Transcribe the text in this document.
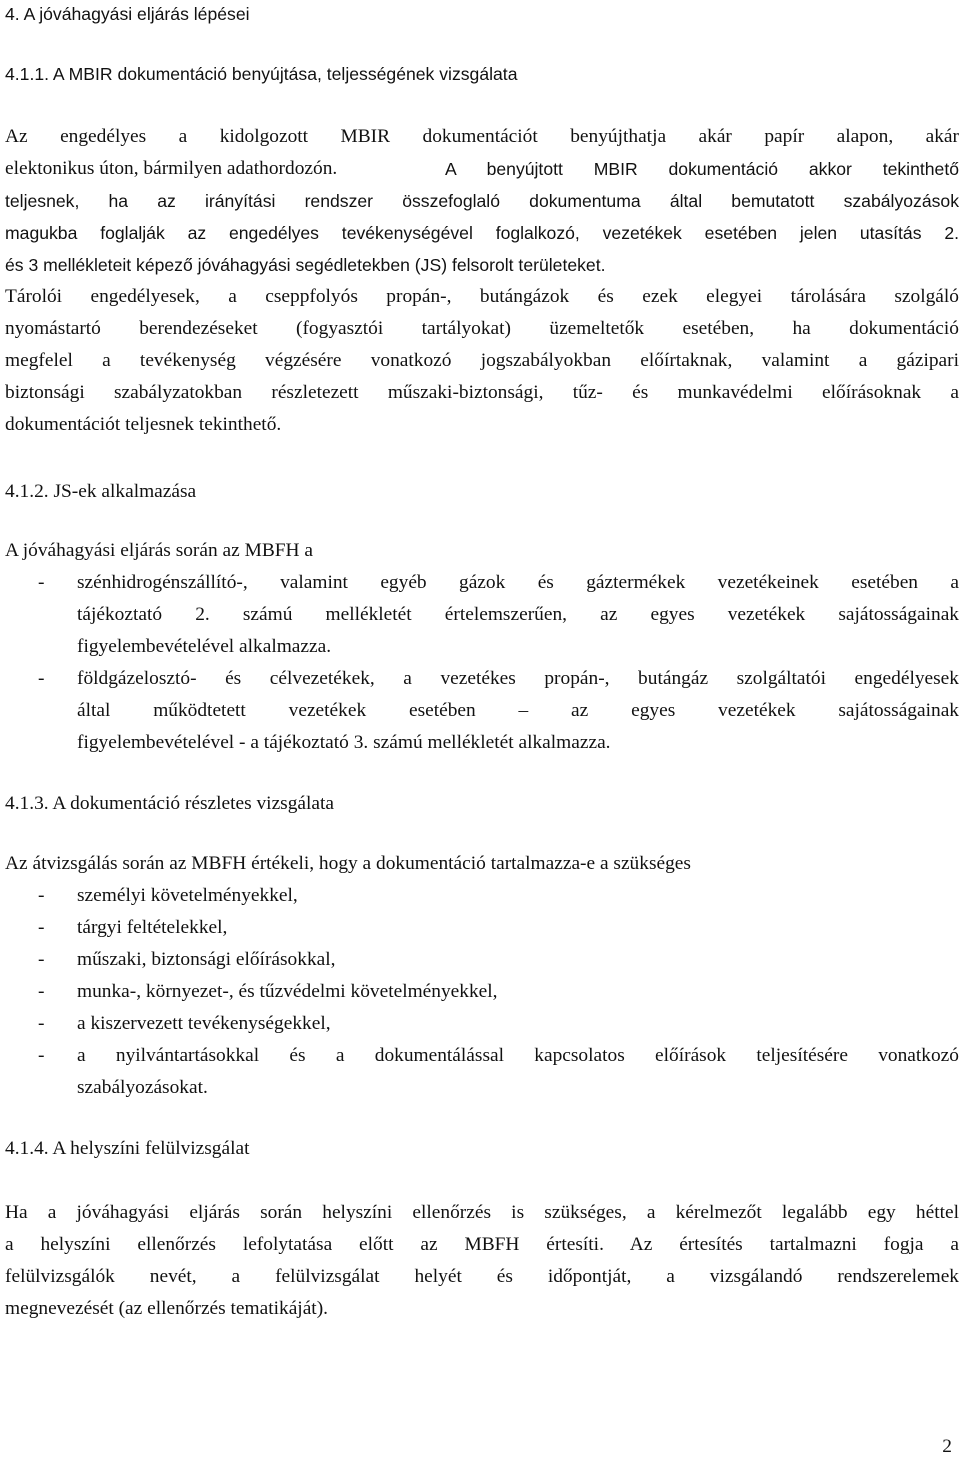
4. A jóváhagyási eljárás lépései
4.1.1. A MBIR dokumentáció benyújtása, teljességének vizsgálata
Az engedélyes a kidolgozott MBIR dokumentációt benyújthatja akár papír alapon, akár
elektonikus úton, bármilyen adathordozón.	A benyújtott MBIR dokumentáció akkor tekinthető
teljesnek, ha az irányítási rendszer összefoglaló dokumentuma által bemutatott szabályozások
magukba foglalják az engedélyes tevékenységével foglalkozó, vezetékek esetében jelen utasítás 2.
és 3 mellékleteit képező jóváhagyási segédletekben (JS) felsorolt területeket.
Tárolói engedélyesek, a cseppfolyós propán-, butángázok és ezek elegyei tárolására szolgáló
nyomástartó berendezéseket (fogyasztói tartályokat) üzemeltetők esetében, ha dokumentáció
megfelel a tevékenység végzésére vonatkozó jogszabályokban előírtaknak, valamint a gázipari
biztonsági szabályzatokban részletezett műszaki-biztonsági, tűz- és munkavédelmi előírásoknak a
dokumentációt teljesnek tekinthető.
4.1.2. JS-ek alkalmazása
A jóváhagyási eljárás során az MBFH a
- szénhidrogénszállító-, valamint egyéb gázok és gáztermékek vezetékeinek esetében a
tájékoztató 2. számú mellékletét értelemszerűen, az egyes vezetékek sajátosságainak
figyelembevételével alkalmazza.
- földgázelosztó- és célvezetékek, a vezetékes propán-, butángáz szolgáltatói engedélyesek
által működtetett vezetékek esetében – az egyes vezetékek sajátosságainak
figyelembevételével - a tájékoztató 3. számú mellékletét alkalmazza.
4.1.3. A dokumentáció részletes vizsgálata
Az átvizsgálás során az MBFH értékeli, hogy a dokumentáció tartalmazza-e a szükséges
- személyi követelményekkel,
- tárgyi feltételekkel,
- műszaki, biztonsági előírásokkal,
- munka-, környezet-, és tűzvédelmi követelményekkel,
- a kiszervezett tevékenységekkel,
- a nyilvántartásokkal és a dokumentálással kapcsolatos előírások teljesítésére vonatkozó
szabályozásokat.
4.1.4. A helyszíni felülvizsgálat
Ha a jóváhagyási eljárás során helyszíni ellenőrzés is szükséges, a kérelmezőt legalább egy héttel
a helyszíni ellenőrzés lefolytatása előtt az MBFH értesíti. Az értesítés tartalmazni fogja a
felülvizsgálók nevét, a felülvizsgálat helyét és időpontját, a vizsgálandó rendszerelemek
megnevezését (az ellenőrzés tematikáját).
2
